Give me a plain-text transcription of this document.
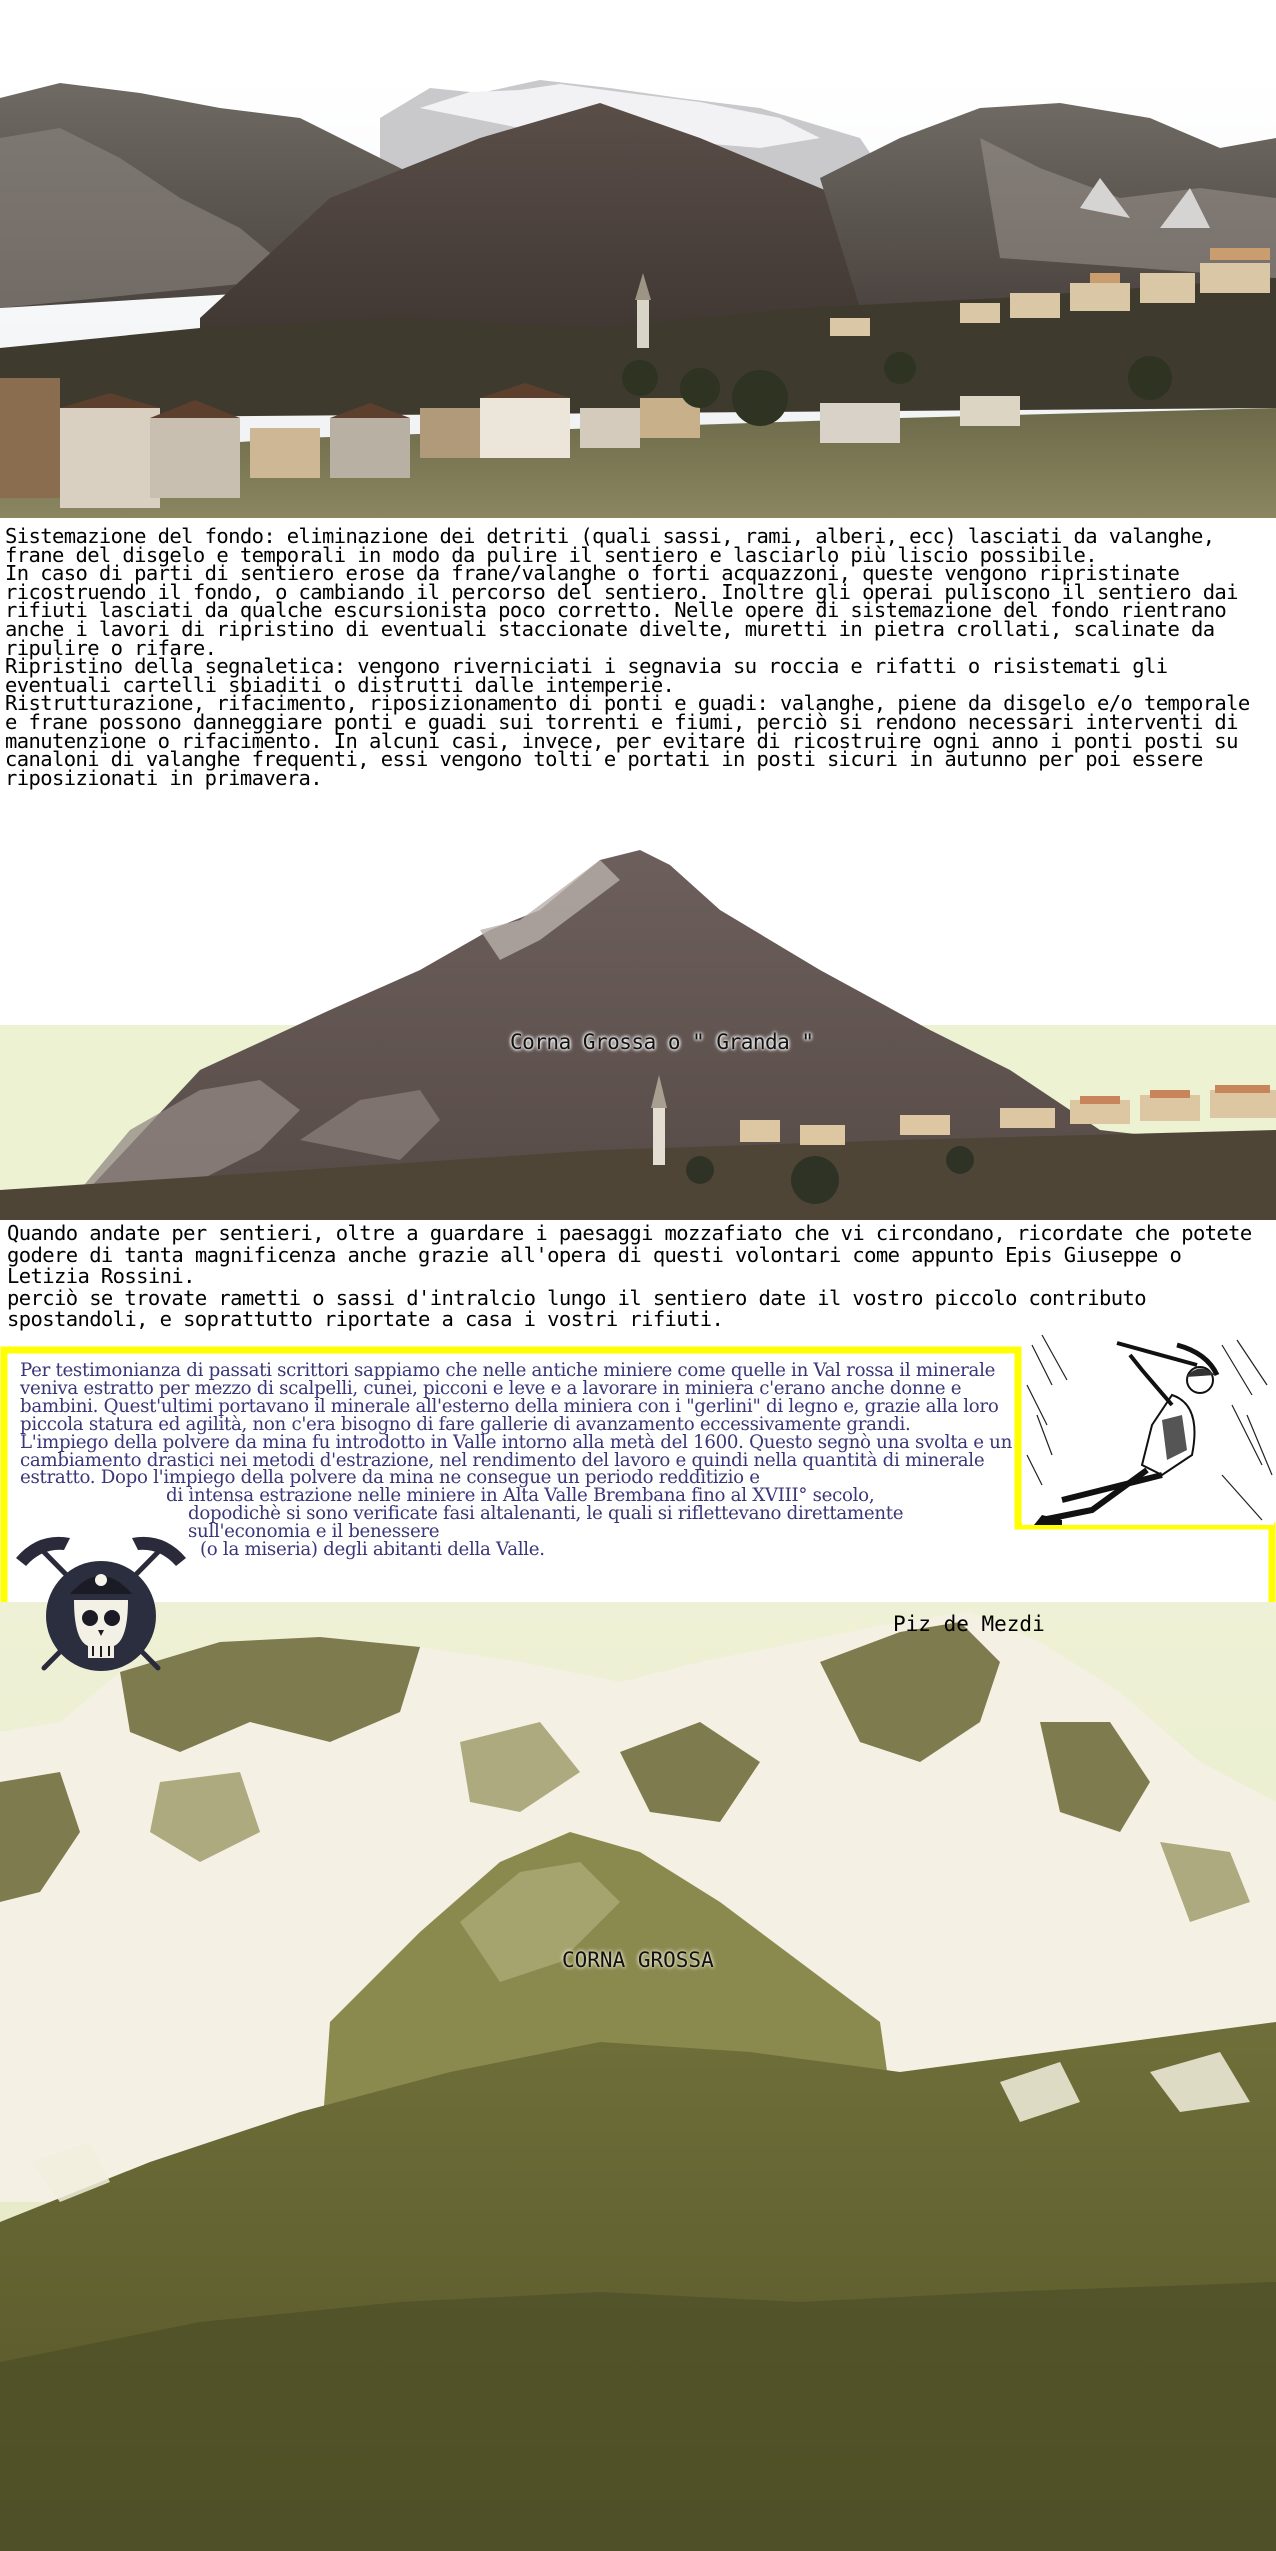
Sistemazione del fondo: eliminazione dei detriti (quali sassi, rami, alberi, ecc) lasciati da valanghe, frane del disgelo e temporali in modo da pulire il sentiero e lasciarlo più liscio possibile.

In caso di parti di sentiero erose da frane/valanghe o forti acquazzoni, queste vengono ripristinate ricostruendo il fondo, o cambiando il percorso del sentiero. Inoltre gli operai puliscono il sentiero dai rifiuti lasciati da qualche escursionista poco corretto. Nelle opere di sistemazione del fondo rientrano anche i lavori di ripristino di eventuali staccionate divelte, muretti in pietra crollati, scalinate da ripulire o rifare.

Ripristino della segnaletica: vengono riverniciati i segnavia su roccia e rifatti o risistemati gli eventuali cartelli sbiaditi o distrutti dalle intemperie.

Ristrutturazione, rifacimento, riposizionamento di ponti e guadi: valanghe, piene da disgelo e/o temporale e frane possono danneggiare ponti e guadi sui torrenti e fiumi, perciò si rendono necessari interventi di manutenzione o rifacimento. In alcuni casi, invece, per evitare di ricostruire ogni anno i ponti posti su canaloni di valanghe frequenti, essi vengono tolti e portati in posti sicuri in autunno per poi essere riposizionati in primavera.

Corna Grossa o " Granda "

Quando andate per sentieri, oltre a guardare i paesaggi mozzafiato che vi circondano, ricordate che potete godere di tanta magnificenza anche grazie all'opera di questi volontari come appunto Epis Giuseppe o Letizia Rossini.

perciò se trovate rametti o sassi d'intralcio lungo il sentiero date il vostro piccolo contributo

spostandoli, e soprattutto riportate a casa i vostri rifiuti.

Per testimonianza di passati scrittori sappiamo che nelle antiche miniere come quelle in Val rossa il minerale veniva estratto per mezzo di scalpelli, cunei, picconi e leve e a lavorare in miniera c'erano anche donne e bambini. Quest'ultimi portavano il minerale all'esterno della miniera con i "gerlini" di legno e, grazie alla loro piccola statura ed agilità, non c'era bisogno di fare gallerie di avanzamento eccessivamente grandi.

L'impiego della polvere da mina fu introdotto in Valle intorno alla metà del 1600. Questo segnò una svolta e un cambiamento drastici nei metodi d'estrazione, nel rendimento del lavoro e quindi nella quantità di minerale estratto. Dopo l'impiego della polvere da mina ne consegue un periodo redditizio e

di intensa estrazione nelle miniere in Alta Valle Brembana fino al XVIII° secolo,

dopodichè si sono verificate fasi altalenanti, le quali si riflettevano direttamente sull'economia e il benessere

(o la miseria) degli abitanti della Valle.

Piz de Mezdi
CORNA GROSSA
